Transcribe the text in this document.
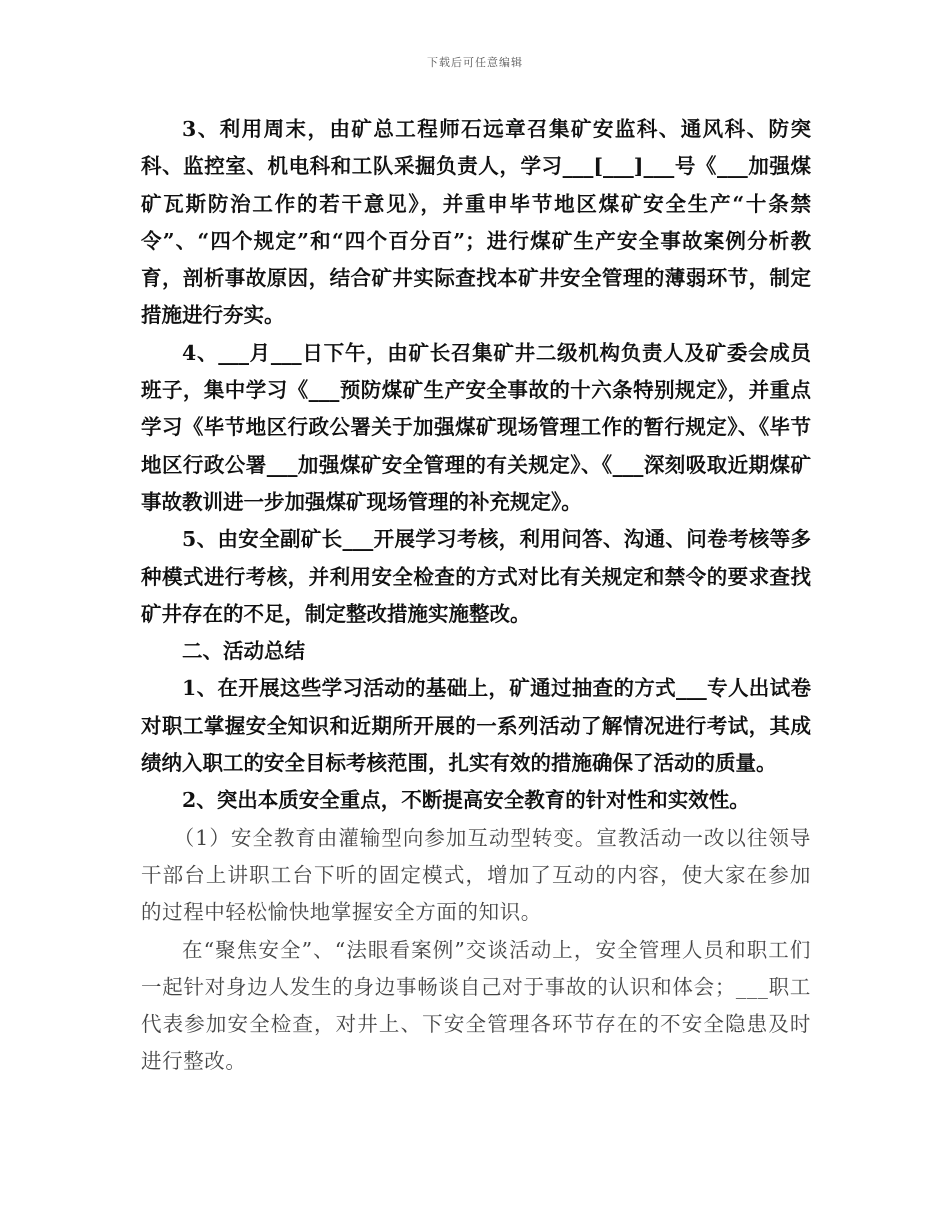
下载后可任意编辑

3、利用周末，由矿总工程师石远章召集矿安监科、通风科、防突科、监控室、机电科和工队采掘负责人，学习___[___]___号《___加强煤矿瓦斯防治工作的若干意见》，并重申毕节地区煤矿安全生产“十条禁令”、“四个规定”和“四个百分百”；进行煤矿生产安全事故案例分析教育，剖析事故原因，结合矿井实际查找本矿井安全管理的薄弱环节，制定措施进行夯实。

4、___月___日下午，由矿长召集矿井二级机构负责人及矿委会成员班子，集中学习《___预防煤矿生产安全事故的十六条特别规定》，并重点学习《毕节地区行政公署关于加强煤矿现场管理工作的暂行规定》、《毕节地区行政公署___加强煤矿安全管理的有关规定》、《___深刻吸取近期煤矿事故教训进一步加强煤矿现场管理的补充规定》。

5、由安全副矿长___开展学习考核，利用问答、沟通、问卷考核等多种模式进行考核，并利用安全检查的方式对比有关规定和禁令的要求查找矿井存在的不足，制定整改措施实施整改。

二、活动总结

1、在开展这些学习活动的基础上，矿通过抽查的方式___专人出试卷对职工掌握安全知识和近期所开展的一系列活动了解情况进行考试，其成绩纳入职工的安全目标考核范围，扎实有效的措施确保了活动的质量。

2、突出本质安全重点，不断提高安全教育的针对性和实效性。

（1）安全教育由灌输型向参加互动型转变。宣教活动一改以往领导干部台上讲职工台下听的固定模式，增加了互动的内容，使大家在参加的过程中轻松愉快地掌握安全方面的知识。

在“聚焦安全”、“法眼看案例”交谈活动上，安全管理人员和职工们一起针对身边人发生的身边事畅谈自己对于事故的认识和体会；___职工代表参加安全检查，对井上、下安全管理各环节存在的不安全隐患及时进行整改。
